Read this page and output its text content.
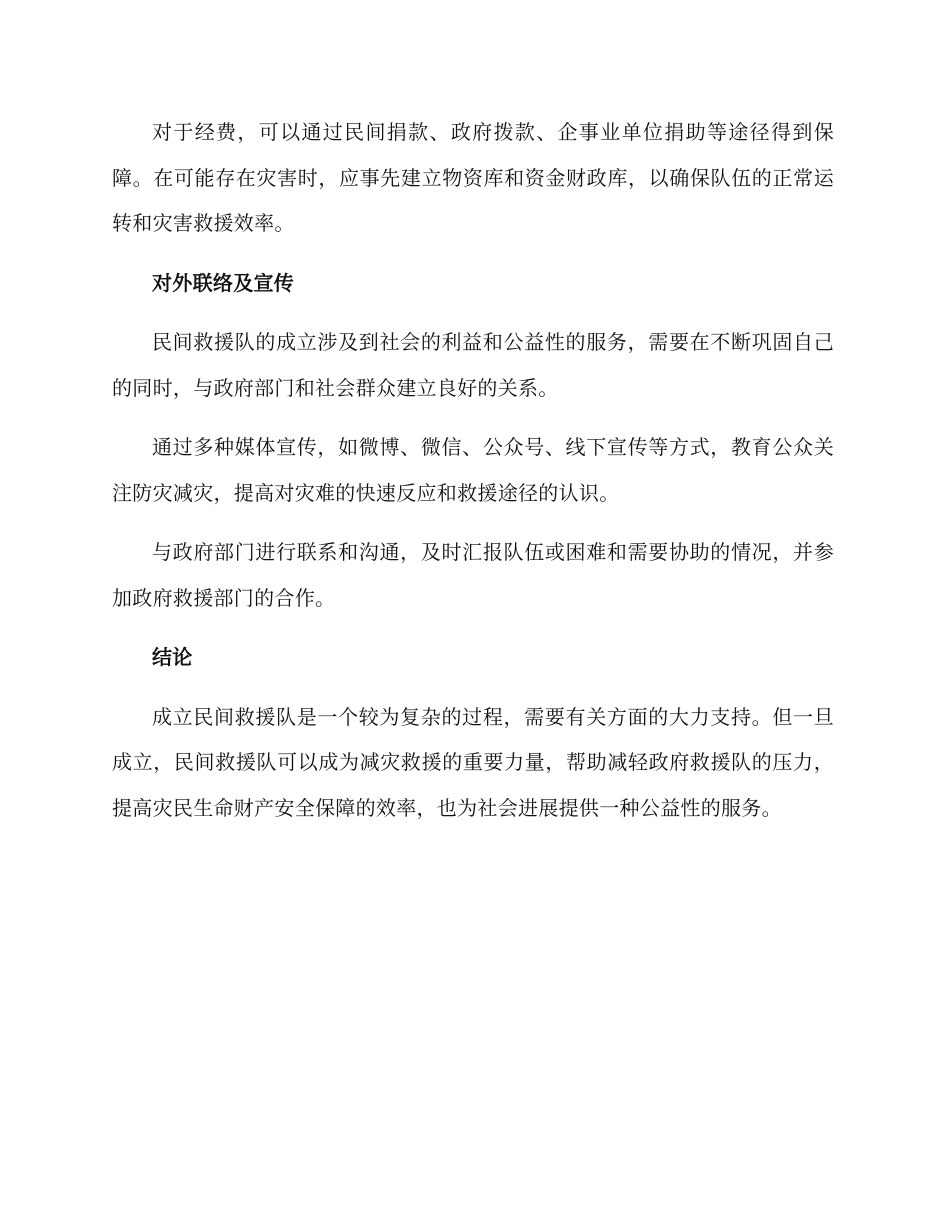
对于经费，可以通过民间捐款、政府拨款、企事业单位捐助等途径得到保障。在可能存在灾害时，应事先建立物资库和资金财政库，以确保队伍的正常运转和灾害救援效率。

对外联络及宣传

民间救援队的成立涉及到社会的利益和公益性的服务，需要在不断巩固自己的同时，与政府部门和社会群众建立良好的关系。

通过多种媒体宣传，如微博、微信、公众号、线下宣传等方式，教育公众关注防灾减灾，提高对灾难的快速反应和救援途径的认识。

与政府部门进行联系和沟通，及时汇报队伍或困难和需要协助的情况，并参加政府救援部门的合作。

结论

成立民间救援队是一个较为复杂的过程，需要有关方面的大力支持。但一旦成立，民间救援队可以成为减灾救援的重要力量，帮助减轻政府救援队的压力，提高灾民生命财产安全保障的效率，也为社会进展提供一种公益性的服务。
